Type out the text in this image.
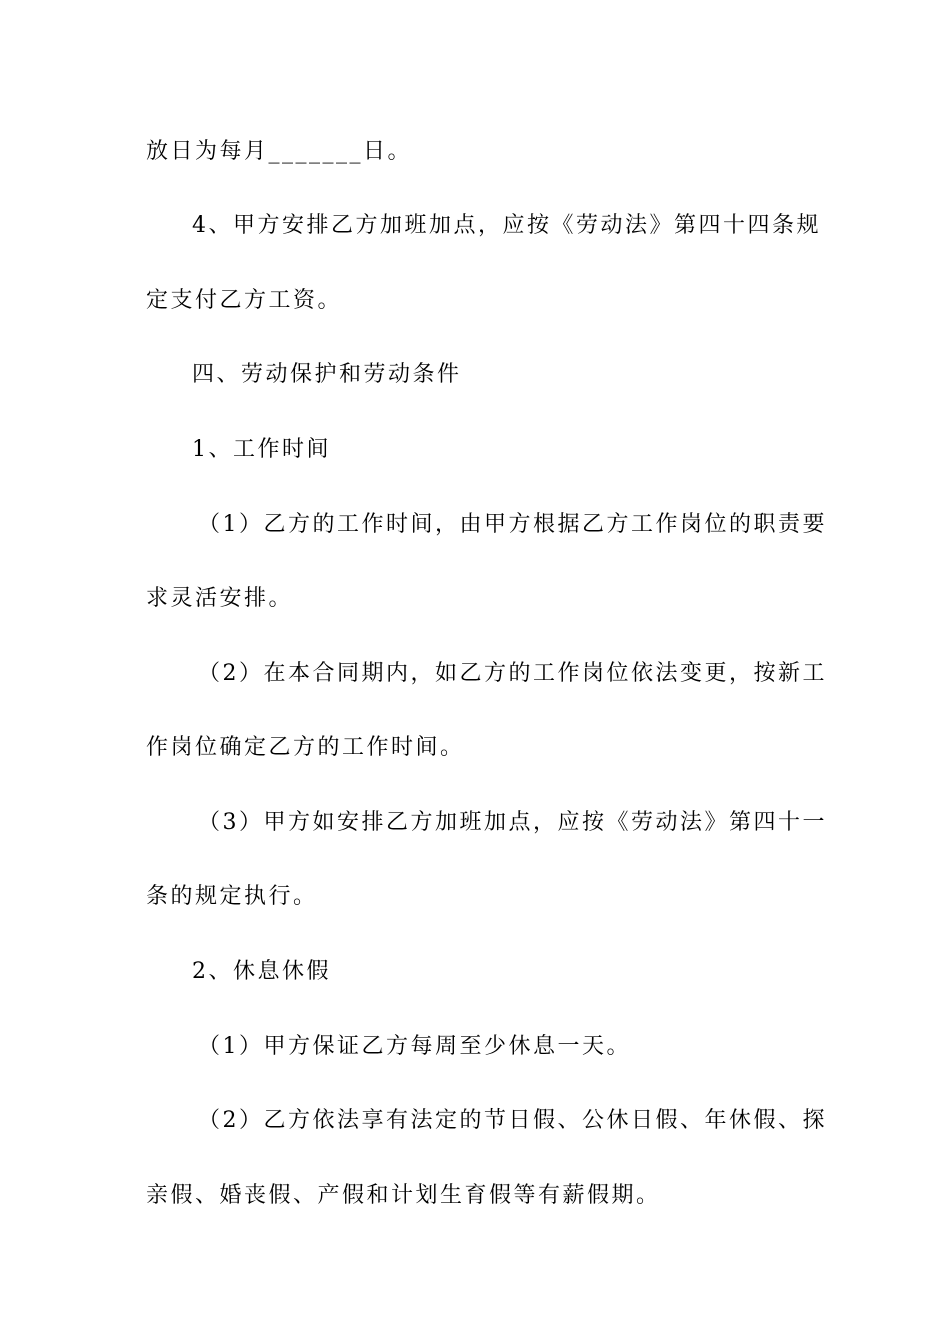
放日为每月_______日。
4、甲方安排乙方加班加点，应按《劳动法》第四十四条规
定支付乙方工资。
四、劳动保护和劳动条件
1、工作时间
（1）乙方的工作时间，由甲方根据乙方工作岗位的职责要
求灵活安排。
（2）在本合同期内，如乙方的工作岗位依法变更，按新工
作岗位确定乙方的工作时间。
（3）甲方如安排乙方加班加点，应按《劳动法》第四十一
条的规定执行。
2、休息休假
（1）甲方保证乙方每周至少休息一天。
（2）乙方依法享有法定的节日假、公休日假、年休假、探
亲假、婚丧假、产假和计划生育假等有薪假期。
